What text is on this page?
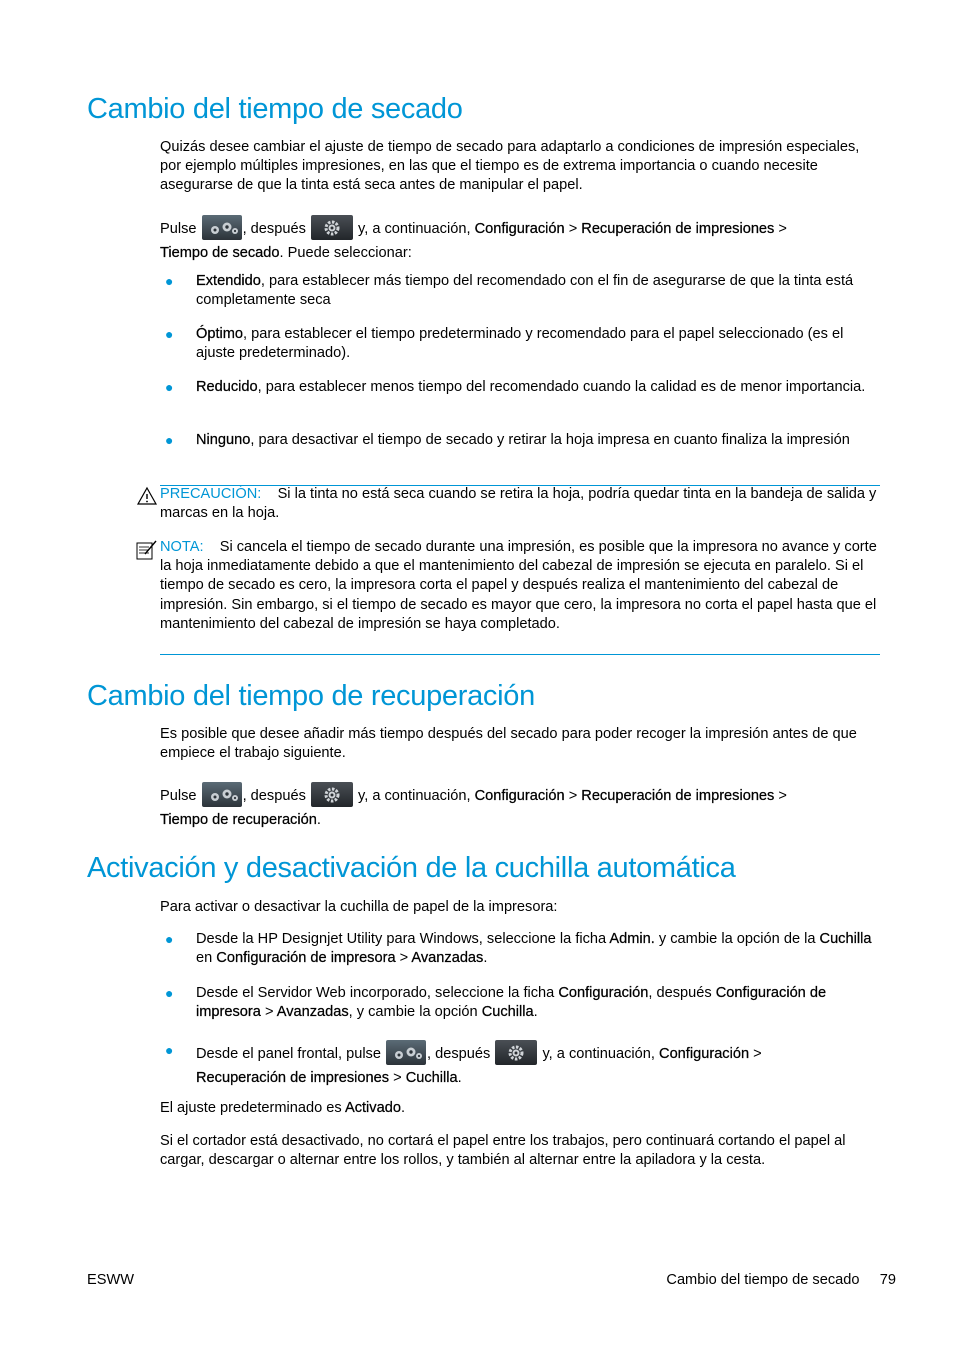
Cambio del tiempo de secado
Quizás desee cambiar el ajuste de tiempo de secado para adaptarlo a condiciones de impresión especiales, por ejemplo múltiples impresiones, en las que el tiempo es de extrema importancia o cuando necesite asegurarse de que la tinta está seca antes de manipular el papel.
Pulse	, después	y, a continuación, Configuración > Recuperación de impresiones >
Tiempo de secado. Puede seleccionar:
● Extendido, para establecer más tiempo del recomendado con el fin de asegurarse de que la tinta está completamente seca
● Óptimo, para establecer el tiempo predeterminado y recomendado para el papel seleccionado (es el ajuste predeterminado).
● Reducido, para establecer menos tiempo del recomendado cuando la calidad es de menor importancia.
● Ninguno, para desactivar el tiempo de secado y retirar la hoja impresa en cuanto finaliza la impresión
PRECAUCIÓN: Si la tinta no está seca cuando se retira la hoja, podría quedar tinta en la bandeja de salida y marcas en la hoja.
NOTA: Si cancela el tiempo de secado durante una impresión, es posible que la impresora no avance y corte la hoja inmediatamente debido a que el mantenimiento del cabezal de impresión se ejecuta en paralelo. Si el tiempo de secado es cero, la impresora corta el papel y después realiza el mantenimiento del cabezal de impresión. Sin embargo, si el tiempo de secado es mayor que cero, la impresora no corta el papel hasta que el mantenimiento del cabezal de impresión se haya completado.
Cambio del tiempo de recuperación
Es posible que desee añadir más tiempo después del secado para poder recoger la impresión antes de que empiece el trabajo siguiente.
Pulse	, después	y, a continuación, Configuración > Recuperación de impresiones >
Tiempo de recuperación.
Activación y desactivación de la cuchilla automática
Para activar o desactivar la cuchilla de papel de la impresora:
● Desde la HP Designjet Utility para Windows, seleccione la ficha Admin. y cambie la opción de la Cuchilla en Configuración de impresora > Avanzadas.
● Desde el Servidor Web incorporado, seleccione la ficha Configuración, después Configuración de impresora > Avanzadas, y cambie la opción Cuchilla.
● Desde el panel frontal, pulse	, después	y, a continuación, Configuración >
Recuperación de impresiones > Cuchilla.
El ajuste predeterminado es Activado.
Si el cortador está desactivado, no cortará el papel entre los trabajos, pero continuará cortando el papel al cargar, descargar o alternar entre los rollos, y también al alternar entre la apiladora y la cesta.
ESWW	Cambio del tiempo de secado 79
